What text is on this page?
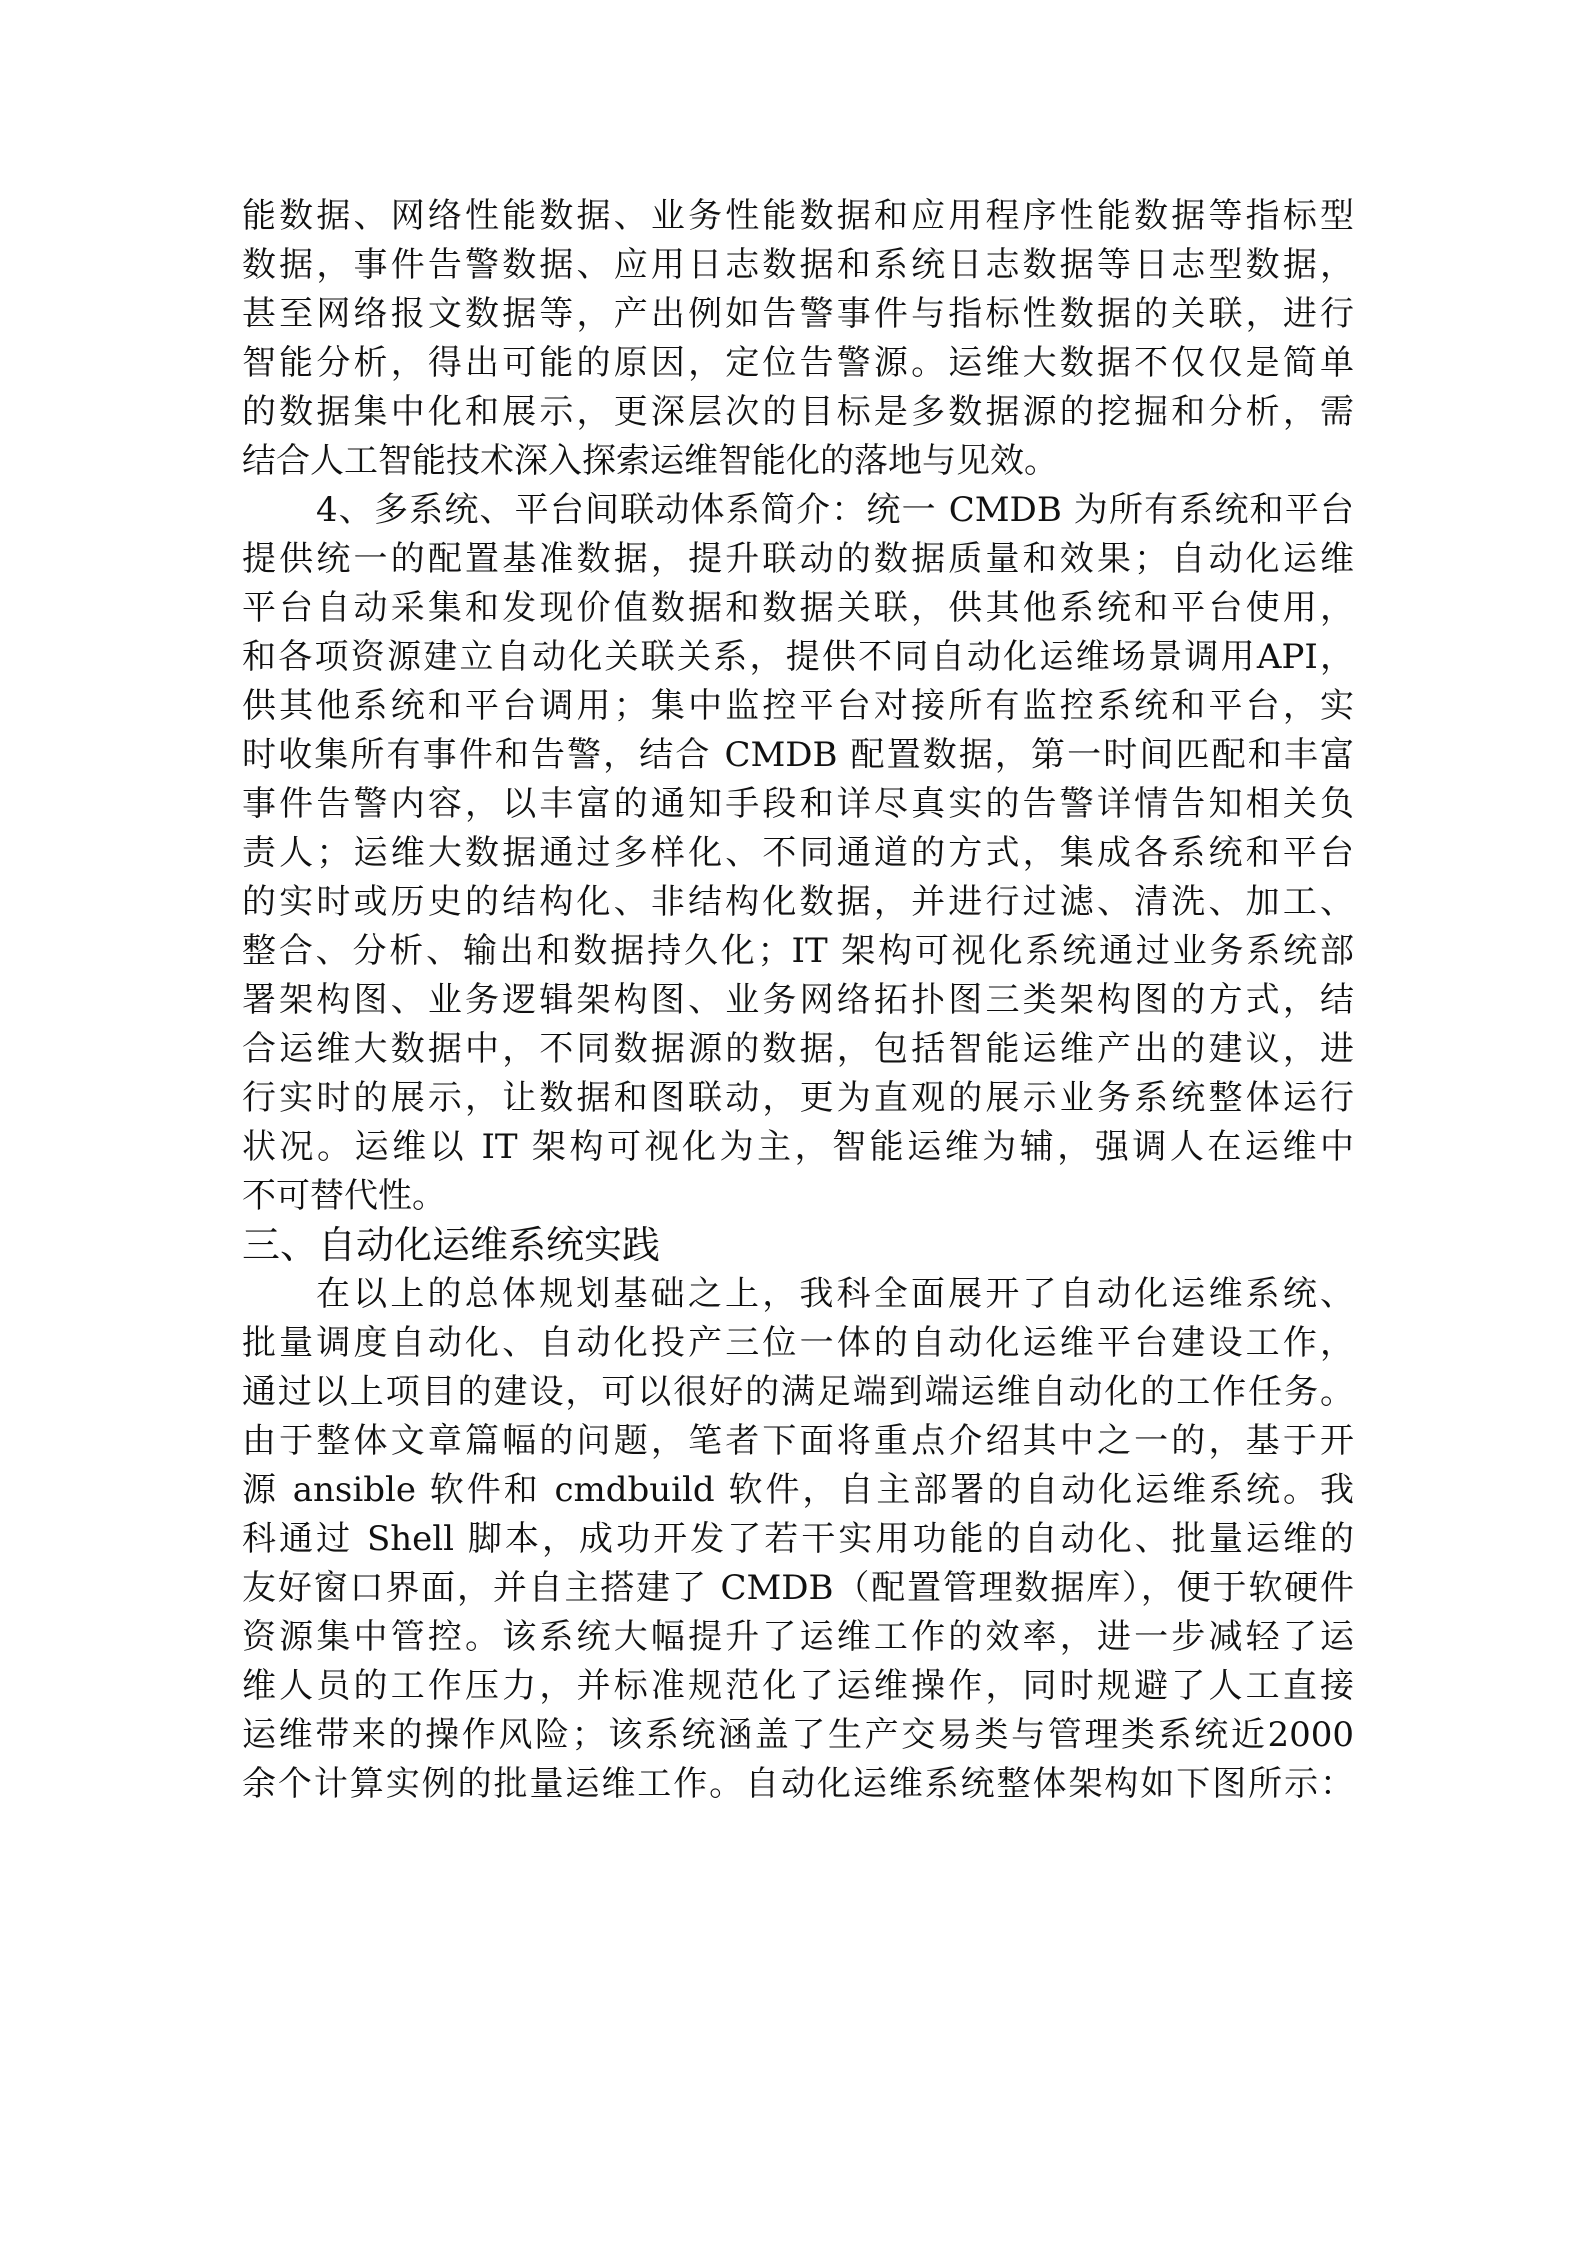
能数据、网络性能数据、业务性能数据和应用程序性能数据等指标型
数据，事件告警数据、应用日志数据和系统日志数据等日志型数据，
甚至网络报文数据等，产出例如告警事件与指标性数据的关联，进行
智能分析，得出可能的原因，定位告警源。运维大数据不仅仅是简单
的数据集中化和展示，更深层次的目标是多数据源的挖掘和分析，需
结合人工智能技术深入探索运维智能化的落地与见效。
4、多系统、平台间联动体系简介：统一 CMDB 为所有系统和平台
提供统一的配置基准数据，提升联动的数据质量和效果；自动化运维
平台自动采集和发现价值数据和数据关联，供其他系统和平台使用，
和各项资源建立自动化关联关系，提供不同自动化运维场景调用API，
供其他系统和平台调用；集中监控平台对接所有监控系统和平台，实
时收集所有事件和告警，结合 CMDB 配置数据，第一时间匹配和丰富
事件告警内容，以丰富的通知手段和详尽真实的告警详情告知相关负
责人；运维大数据通过多样化、不同通道的方式，集成各系统和平台
的实时或历史的结构化、非结构化数据，并进行过滤、清洗、加工、
整合、分析、输出和数据持久化；IT 架构可视化系统通过业务系统部
署架构图、业务逻辑架构图、业务网络拓扑图三类架构图的方式，结
合运维大数据中，不同数据源的数据，包括智能运维产出的建议，进
行实时的展示，让数据和图联动，更为直观的展示业务系统整体运行
状况。运维以 IT 架构可视化为主，智能运维为辅，强调人在运维中
不可替代性。
三、自动化运维系统实践
在以上的总体规划基础之上，我科全面展开了自动化运维系统、
批量调度自动化、自动化投产三位一体的自动化运维平台建设工作，
通过以上项目的建设，可以很好的满足端到端运维自动化的工作任务。
由于整体文章篇幅的问题，笔者下面将重点介绍其中之一的，基于开
源 ansible 软件和 cmdbuild 软件，自主部署的自动化运维系统。我
科通过 Shell 脚本，成功开发了若干实用功能的自动化、批量运维的
友好窗口界面，并自主搭建了 CMDB（配置管理数据库），便于软硬件
资源集中管控。该系统大幅提升了运维工作的效率，进一步减轻了运
维人员的工作压力，并标准规范化了运维操作，同时规避了人工直接
运维带来的操作风险；该系统涵盖了生产交易类与管理类系统近2000
余个计算实例的批量运维工作。自动化运维系统整体架构如下图所示：
